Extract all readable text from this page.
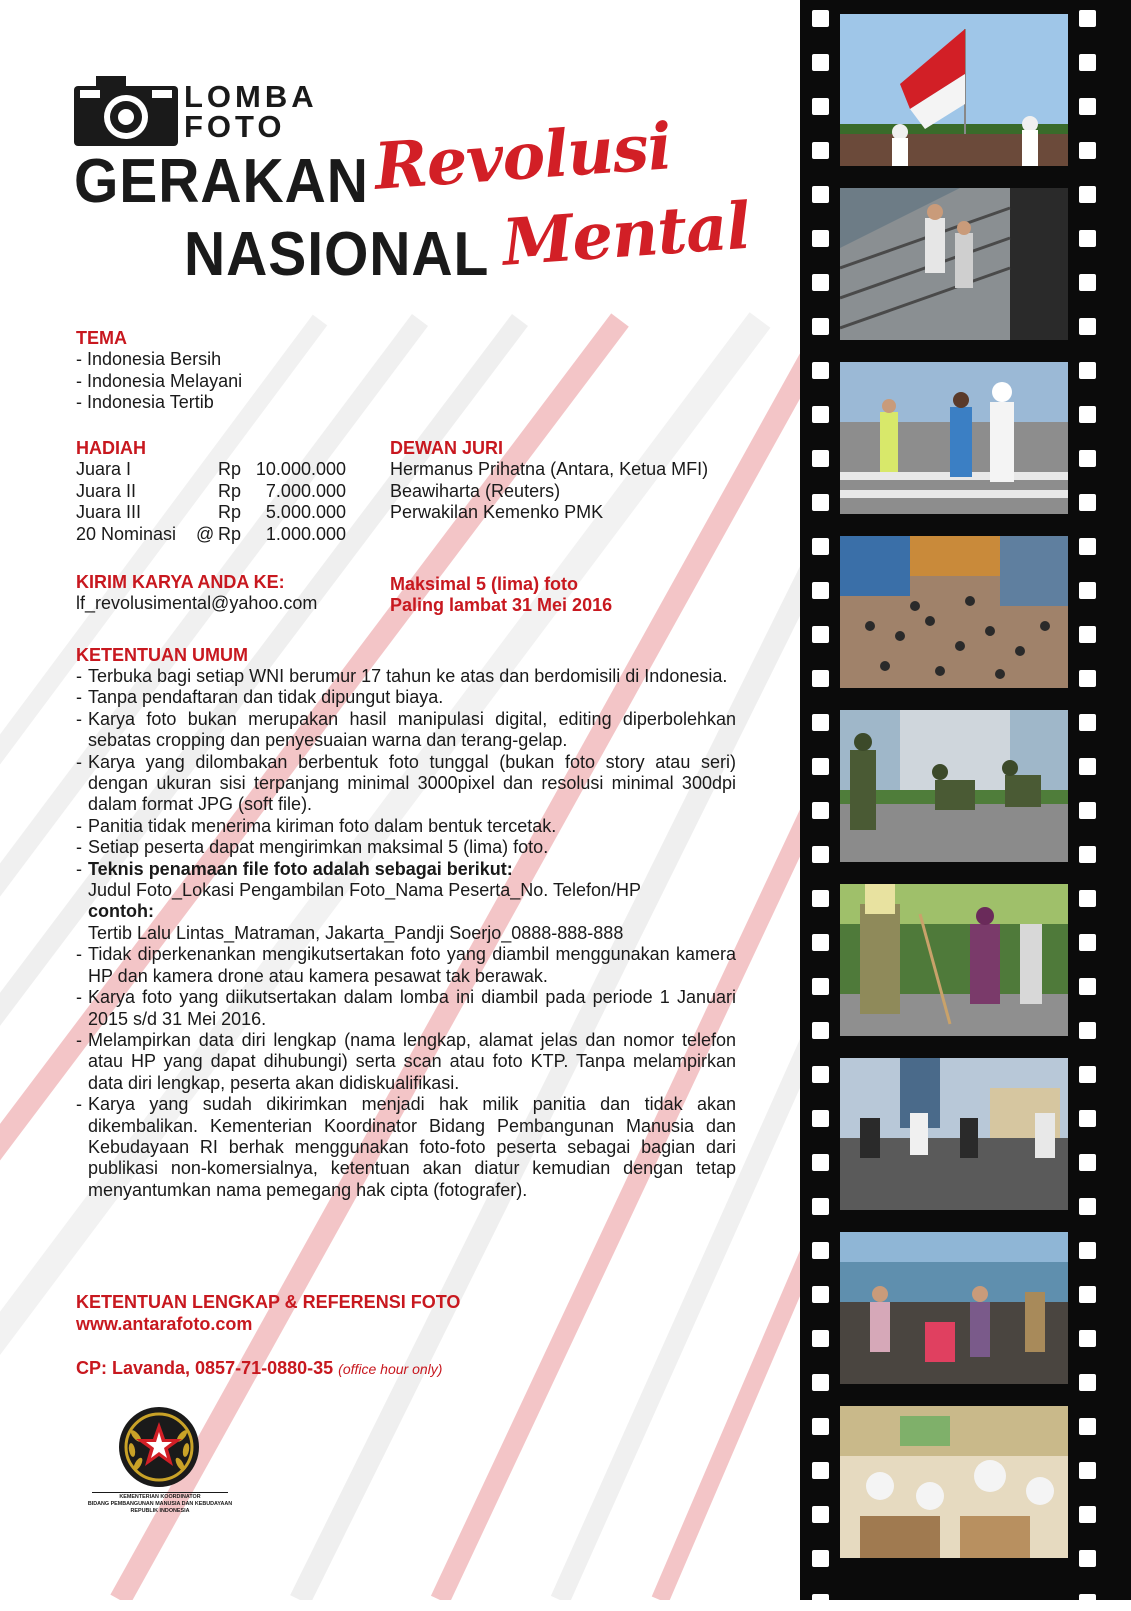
LOMBA
FOTO
GERAKAN
NASIONAL
Revolusi
Mental
TEMA
- Indonesia Bersih
- Indonesia Melayani
- Indonesia Tertib
HADIAH
Juara I	Rp 10.000.000
Juara II	Rp	7.000.000
Juara III	Rp	5.000.000
20 Nominasi	@ Rp	1.000.000
DEWAN JURI
Hermanus Prihatna (Antara, Ketua MFI)
Beawiharta (Reuters)
Perwakilan Kemenko PMK
KIRIM KARYA ANDA KE:
lf_revolusimental@yahoo.com
Maksimal 5 (lima) foto
Paling lambat 31 Mei 2016
KETENTUAN UMUM
- Terbuka bagi setiap WNI berumur 17 tahun ke atas dan berdomisili di Indonesia.
- Tanpa pendaftaran dan tidak dipungut biaya.
- Karya foto bukan merupakan hasil manipulasi digital, editing diperbolehkan sebatas cropping dan penyesuaian warna dan terang-gelap.
- Karya yang dilombakan berbentuk foto tunggal (bukan foto story atau seri) dengan ukuran sisi terpanjang minimal 3000pixel dan resolusi minimal 300dpi dalam format JPG (soft file).
- Panitia tidak menerima kiriman foto dalam bentuk tercetak.
- Setiap peserta dapat mengirimkan maksimal 5 (lima) foto.
- Teknis penamaan file foto adalah sebagai berikut:
Judul Foto_Lokasi Pengambilan Foto_Nama Peserta_No. Telefon/HP
contoh:
Tertib Lalu Lintas_Matraman, Jakarta_Pandji Soerjo_0888-888-888
- Tidak diperkenankan mengikutsertakan foto yang diambil menggunakan kamera HP dan kamera drone atau kamera pesawat tak berawak.
- Karya foto yang diikutsertakan dalam lomba ini diambil pada periode 1 Januari 2015 s/d 31 Mei 2016.
- Melampirkan data diri lengkap (nama lengkap, alamat jelas dan nomor telefon atau HP yang dapat dihubungi) serta scan atau foto KTP. Tanpa melampirkan data diri lengkap, peserta akan didiskualifikasi.
- Karya yang sudah dikirimkan menjadi hak milik panitia dan tidak akan dikembalikan. Kementerian Koordinator Bidang Pembangunan Manusia dan Kebudayaan RI berhak menggunakan foto-foto peserta sebagai bagian dari publikasi non-komersialnya, ketentuan akan diatur kemudian dengan tetap menyantumkan nama pemegang hak cipta (fotografer).
KETENTUAN LENGKAP & REFERENSI FOTO
www.antarafoto.com
CP: Lavanda, 0857-71-0880-35 (office hour only)
KEMENTERIAN KOORDINATOR
BIDANG PEMBANGUNAN MANUSIA DAN KEBUDAYAAN
REPUBLIK INDONESIA
